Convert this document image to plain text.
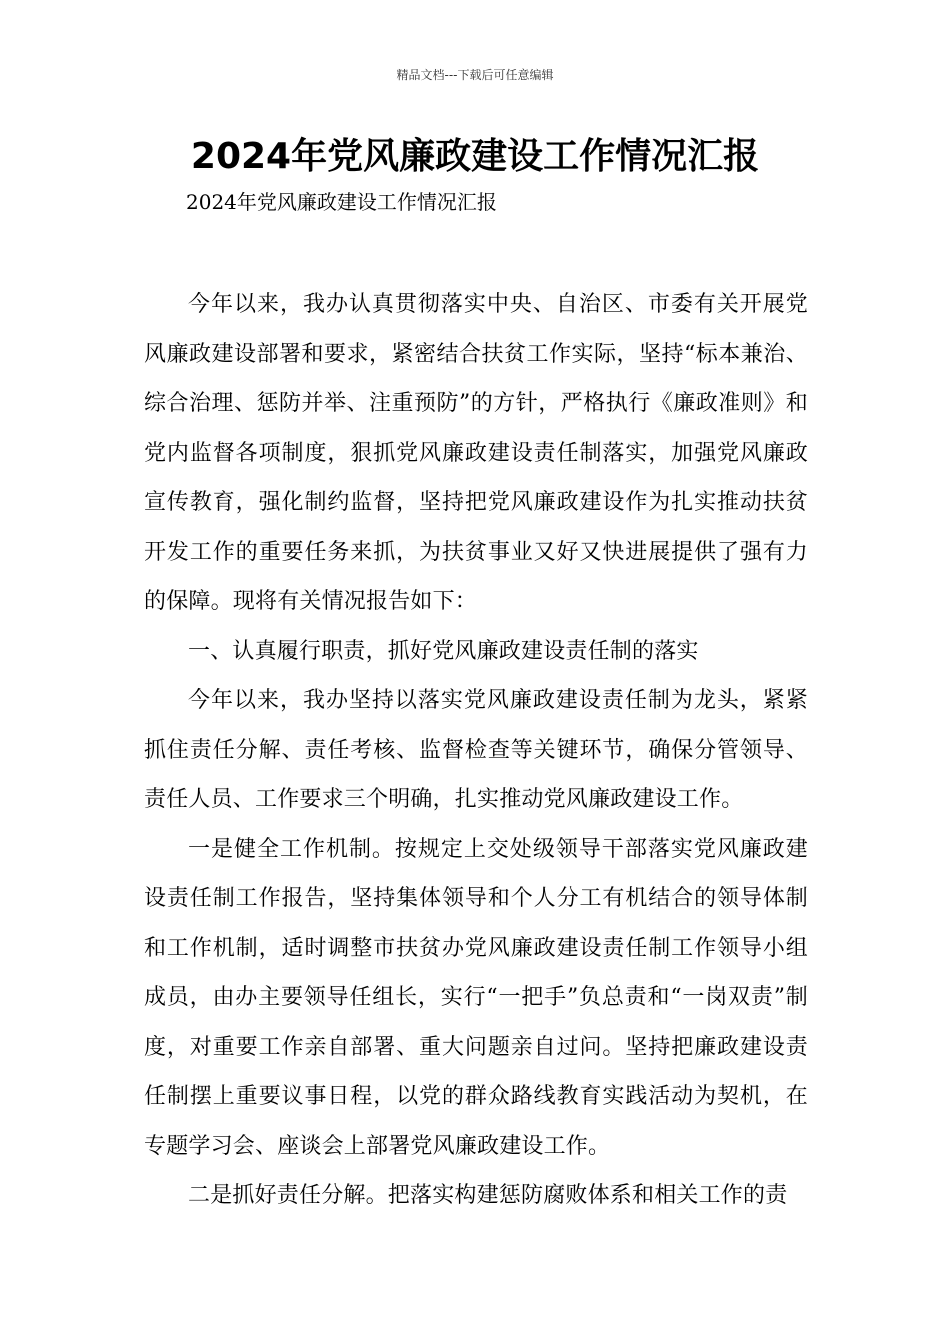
精品文档---下载后可任意编辑
2024年党风廉政建设工作情况汇报
2024年党风廉政建设工作情况汇报

今年以来，我办认真贯彻落实中央、自治区、市委有关开展党风廉政建设部署和要求，紧密结合扶贫工作实际，坚持“标本兼治、综合治理、惩防并举、注重预防”的方针，严格执行《廉政准则》和党内监督各项制度，狠抓党风廉政建设责任制落实，加强党风廉政宣传教育，强化制约监督，坚持把党风廉政建设作为扎实推动扶贫开发工作的重要任务来抓，为扶贫事业又好又快进展提供了强有力的保障。现将有关情况报告如下：

一、认真履行职责，抓好党风廉政建设责任制的落实

今年以来，我办坚持以落实党风廉政建设责任制为龙头，紧紧抓住责任分解、责任考核、监督检查等关键环节，确保分管领导、责任人员、工作要求三个明确，扎实推动党风廉政建设工作。

一是健全工作机制。按规定上交处级领导干部落实党风廉政建设责任制工作报告，坚持集体领导和个人分工有机结合的领导体制和工作机制，适时调整市扶贫办党风廉政建设责任制工作领导小组成员，由办主要领导任组长，实行“一把手”负总责和“一岗双责”制度，对重要工作亲自部署、重大问题亲自过问。坚持把廉政建设责任制摆上重要议事日程，以党的群众路线教育实践活动为契机，在专题学习会、座谈会上部署党风廉政建设工作。

二是抓好责任分解。把落实构建惩防腐败体系和相关工作的责
